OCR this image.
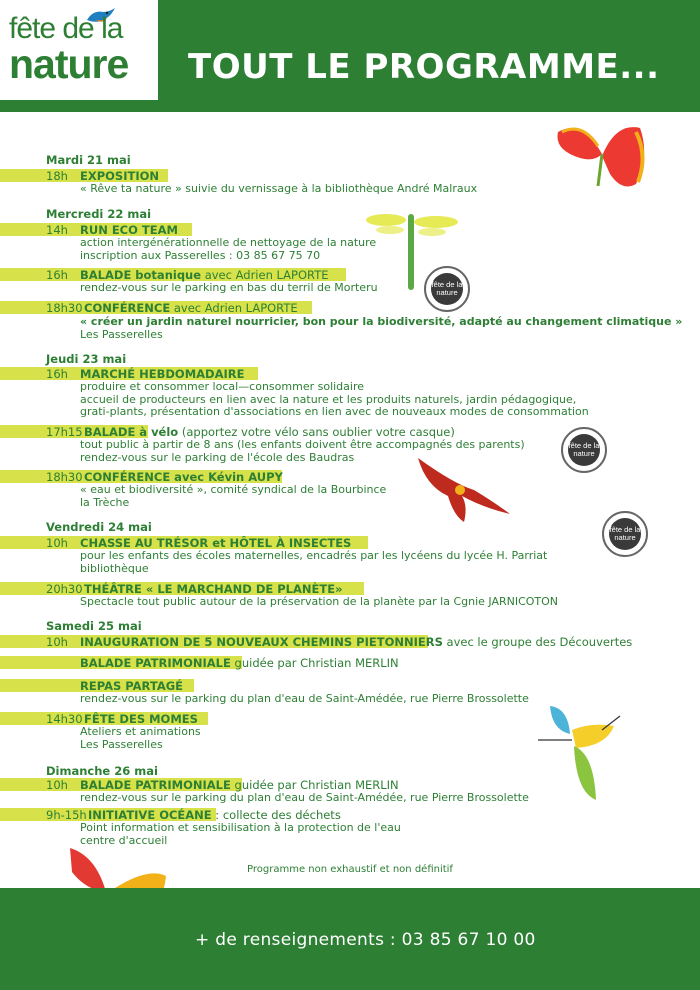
fête de la
nature TOUT LE PROGRAMME...
Mardi 21 mai
18h EXPOSITION
« Rêve ta nature » suivie du vernissage à la bibliothèque André Malraux
Mercredi 22 mai
14h RUN ECO TEAM
action intergénérationnelle de nettoyage de la nature
inscription aux Passerelles : 03 85 67 75 70
16h BALADE botanique avec Adrien LAPORTE
rendez-vous sur le parking en bas du terril de Morteru
18h30 CONFÉRENCE avec Adrien LAPORTE
« créer un jardin naturel nourricier, bon pour la biodiversité, adapté au changement climatique »
Les Passerelles
Jeudi 23 mai
16h MARCHÉ HEBDOMADAIRE
produire et consommer local—consommer solidaire
accueil de producteurs en lien avec la nature et les produits naturels, jardin pédagogique,
grati-plants, présentation d'associations en lien avec de nouveaux modes de consommation
17h15 BALADE à vélo (apportez votre vélo sans oublier votre casque)
tout public à partir de 8 ans (les enfants doivent être accompagnés des parents)
rendez-vous sur le parking de l'école des Baudras
18h30 CONFÉRENCE avec Kévin AUPY
« eau et biodiversité », comité syndical de la Bourbince
la Trèche
Vendredi 24 mai
10h CHASSE AU TRÉSOR et HÔTEL À INSECTES
pour les enfants des écoles maternelles, encadrés par les lycéens du lycée H. Parriat
bibliothèque
20h30 THÉÂTRE « LE MARCHAND DE PLANÈTE»
Spectacle tout public autour de la préservation de la planète par la Cgnie JARNICOTON
Samedi 25 mai
10h INAUGURATION DE 5 NOUVEAUX CHEMINS PIETONNIERS avec le groupe des Découvertes
BALADE PATRIMONIALE guidée par Christian MERLIN
REPAS PARTAGÉ
rendez-vous sur le parking du plan d'eau de Saint-Amédée, rue Pierre Brossolette
14h30 FÊTE DES MOMES
Ateliers et animations
Les Passerelles
Dimanche 26 mai
10h BALADE PATRIMONIALE guidée par Christian MERLIN
rendez-vous sur le parking du plan d'eau de Saint-Amédée, rue Pierre Brossolette
9h-15h INITIATIVE OCÉANE : collecte des déchets
Point information et sensibilisation à la protection de l'eau
centre d'accueil
fête de la nature
fête de la nature
fête de la nature
Programme non exhaustif et non définitif
+ de renseignements : 03 85 67 10 00
